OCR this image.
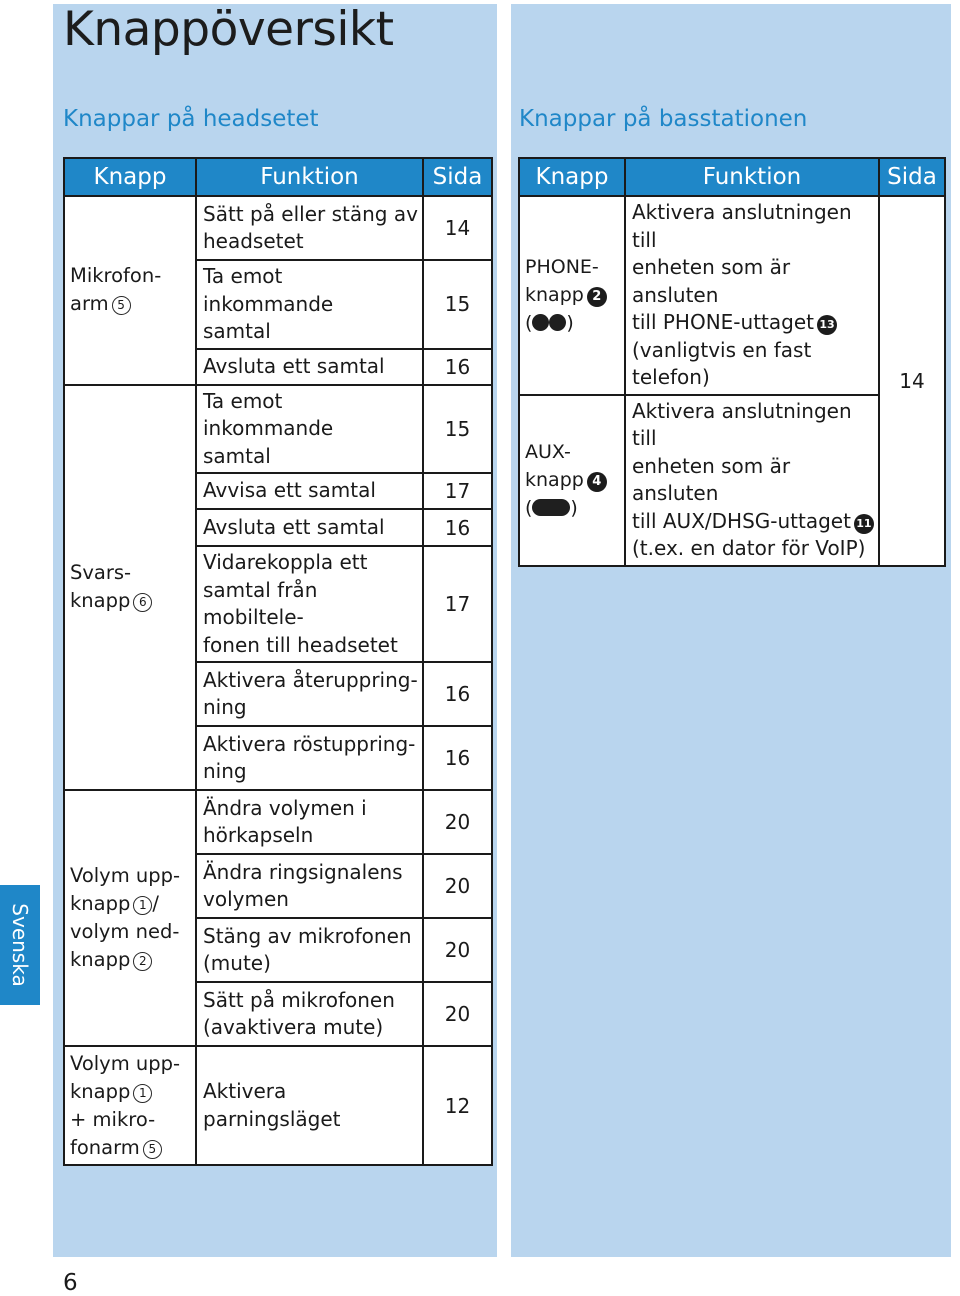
Knappöversikt
Knappar på headsetet	Knappar på basstationen
Knapp	Funktion	Sida
Mikrofon-
arm 5	Sätt på eller stäng av
headsetet	14
	Ta emot inkommande
samtal	15
	Avsluta ett samtal	16
Svars-
knapp 6	Ta emot inkommande
samtal	15
	Avvisa ett samtal	17
	Avsluta ett samtal	16
	Vidarekoppla ett
samtal från mobiltele-
fonen till headsetet	17
	Aktivera återuppring-
ning	16
	Aktivera röstuppring-
ning	16
Volym upp-
knapp 1 /
volym ned-
knapp 2	Ändra volymen i
hörkapseln	20
	Ändra ringsignalens
volymen	20
	Stäng av mikrofonen
(mute)	20
	Sätt på mikrofonen
(avaktivera mute)	20
Volym upp-
knapp 1
+ mikro-
fonarm 5	Aktivera parningsläget	12
Knapp	Funktion	Sida
PHONE-
knapp 2
( )	Aktivera anslutningen till
enheten som är ansluten
till PHONE-uttaget 13
(vanligtvis en fast
telefon)	14
AUX-
knapp 4
( )	Aktivera anslutningen till
enheten som är ansluten
till AUX/DHSG-uttaget 11
(t.ex. en dator för VoIP)	
Svenska
6
